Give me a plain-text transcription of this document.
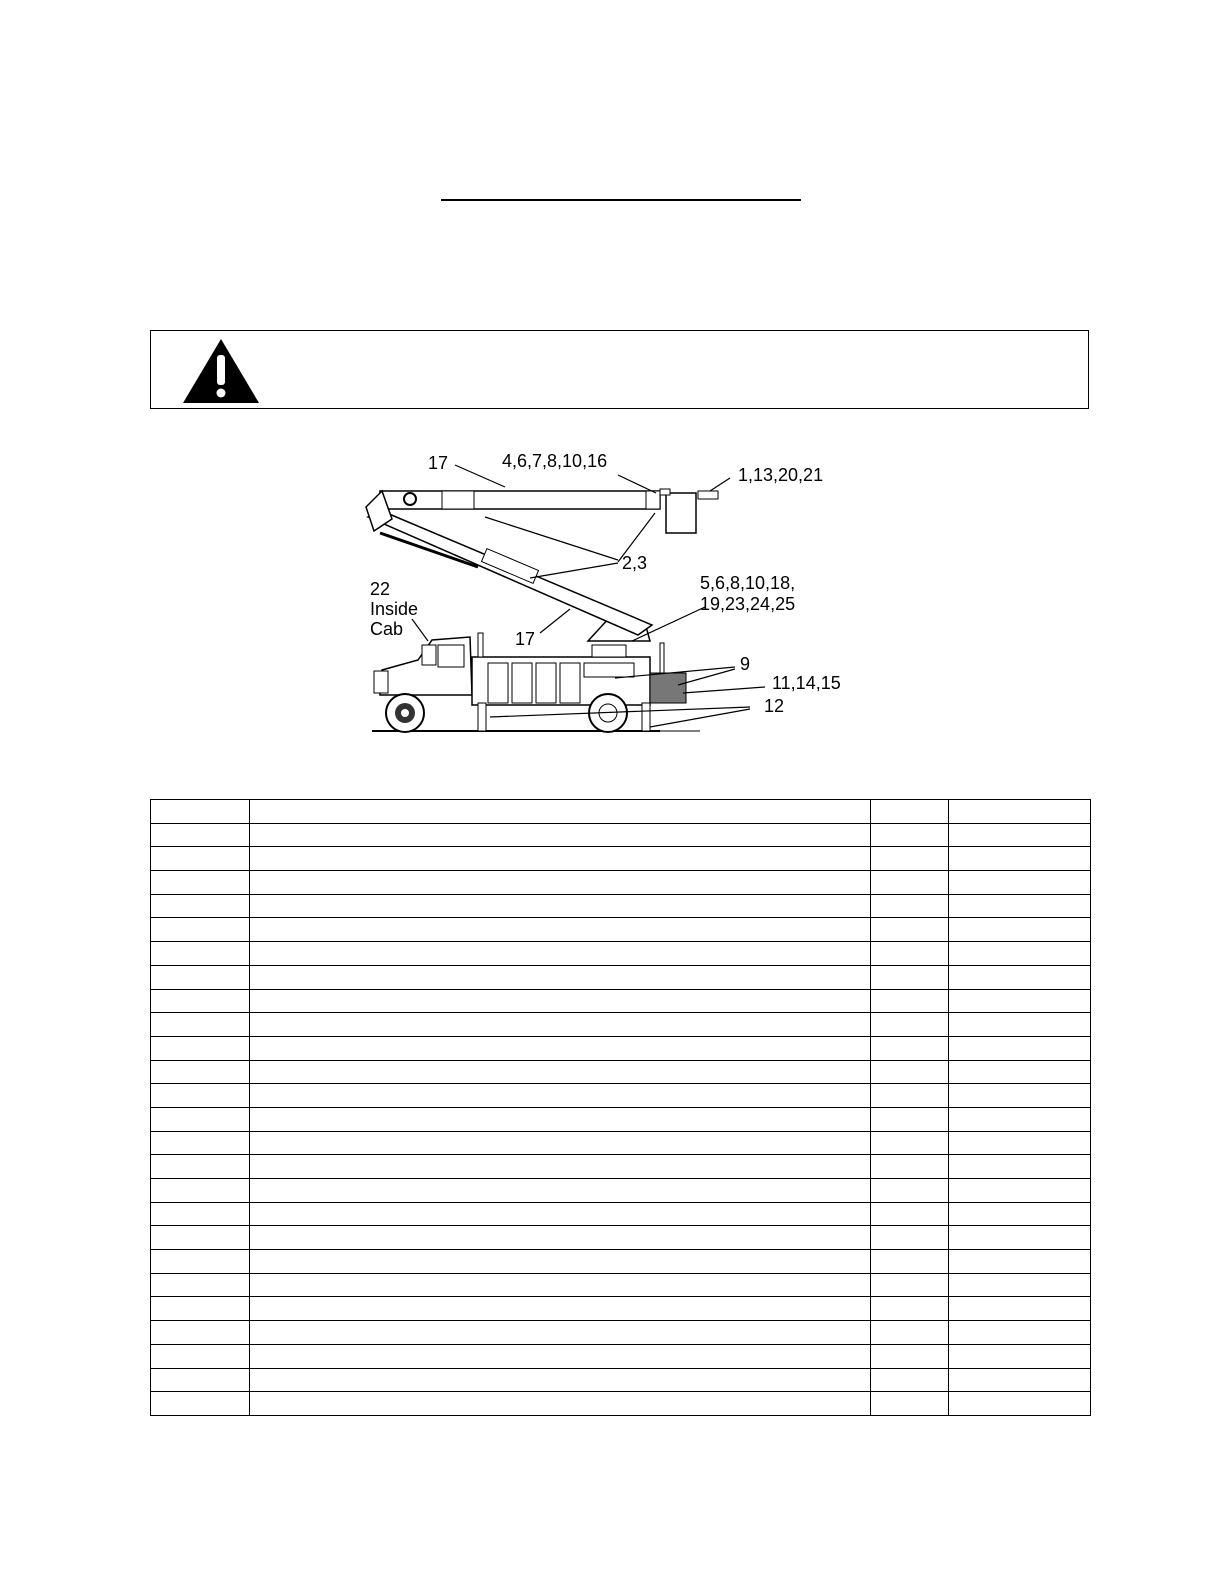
17	4,6,7,8,10,16
1,13,20,21
2,3
5,6,8,10,18,
19,23,24,25
22
Inside
Cab	17
9
11,14,15
12
